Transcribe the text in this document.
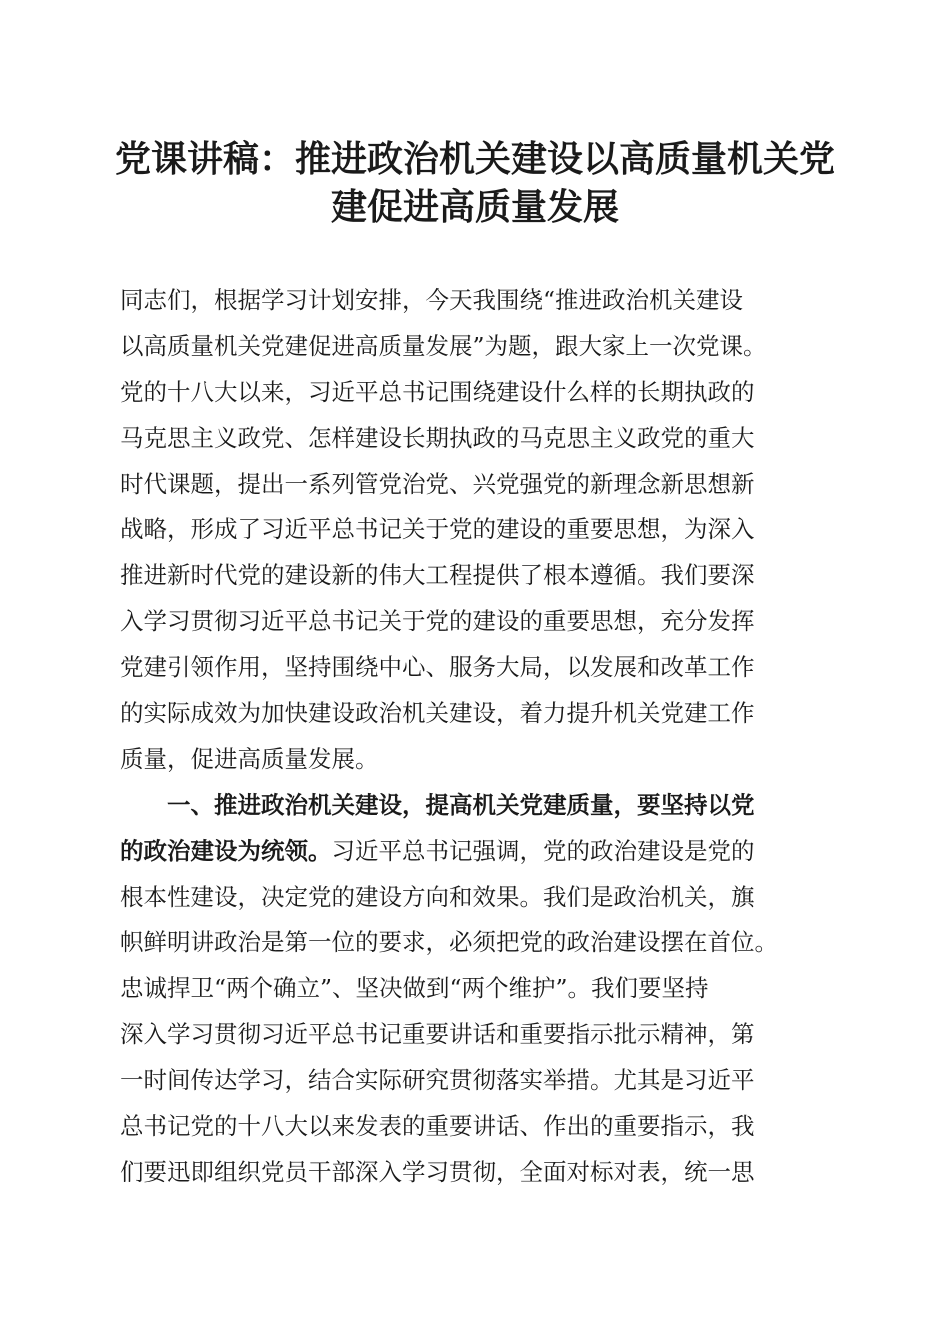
党课讲稿：推进政治机关建设以高质量机关党
建促进高质量发展
同志们，根据学习计划安排，今天我围绕“推进政治机关建设
以高质量机关党建促进高质量发展”为题，跟大家上一次党课。
党的十八大以来，习近平总书记围绕建设什么样的长期执政的
马克思主义政党、怎样建设长期执政的马克思主义政党的重大
时代课题，提出一系列管党治党、兴党强党的新理念新思想新
战略，形成了习近平总书记关于党的建设的重要思想，为深入
推进新时代党的建设新的伟大工程提供了根本遵循。我们要深
入学习贯彻习近平总书记关于党的建设的重要思想，充分发挥
党建引领作用，坚持围绕中心、服务大局，以发展和改革工作
的实际成效为加快建设政治机关建设，着力提升机关党建工作
质量，促进高质量发展。
一、推进政治机关建设，提高机关党建质量，要坚持以党
的政治建设为统领。习近平总书记强调，党的政治建设是党的
根本性建设，决定党的建设方向和效果。我们是政治机关，旗
帜鲜明讲政治是第一位的要求，必须把党的政治建设摆在首位。
忠诚捍卫“两个确立”、坚决做到“两个维护”。我们要坚持
深入学习贯彻习近平总书记重要讲话和重要指示批示精神，第
一时间传达学习，结合实际研究贯彻落实举措。尤其是习近平
总书记党的十八大以来发表的重要讲话、作出的重要指示，我
们要迅即组织党员干部深入学习贯彻，全面对标对表，统一思
